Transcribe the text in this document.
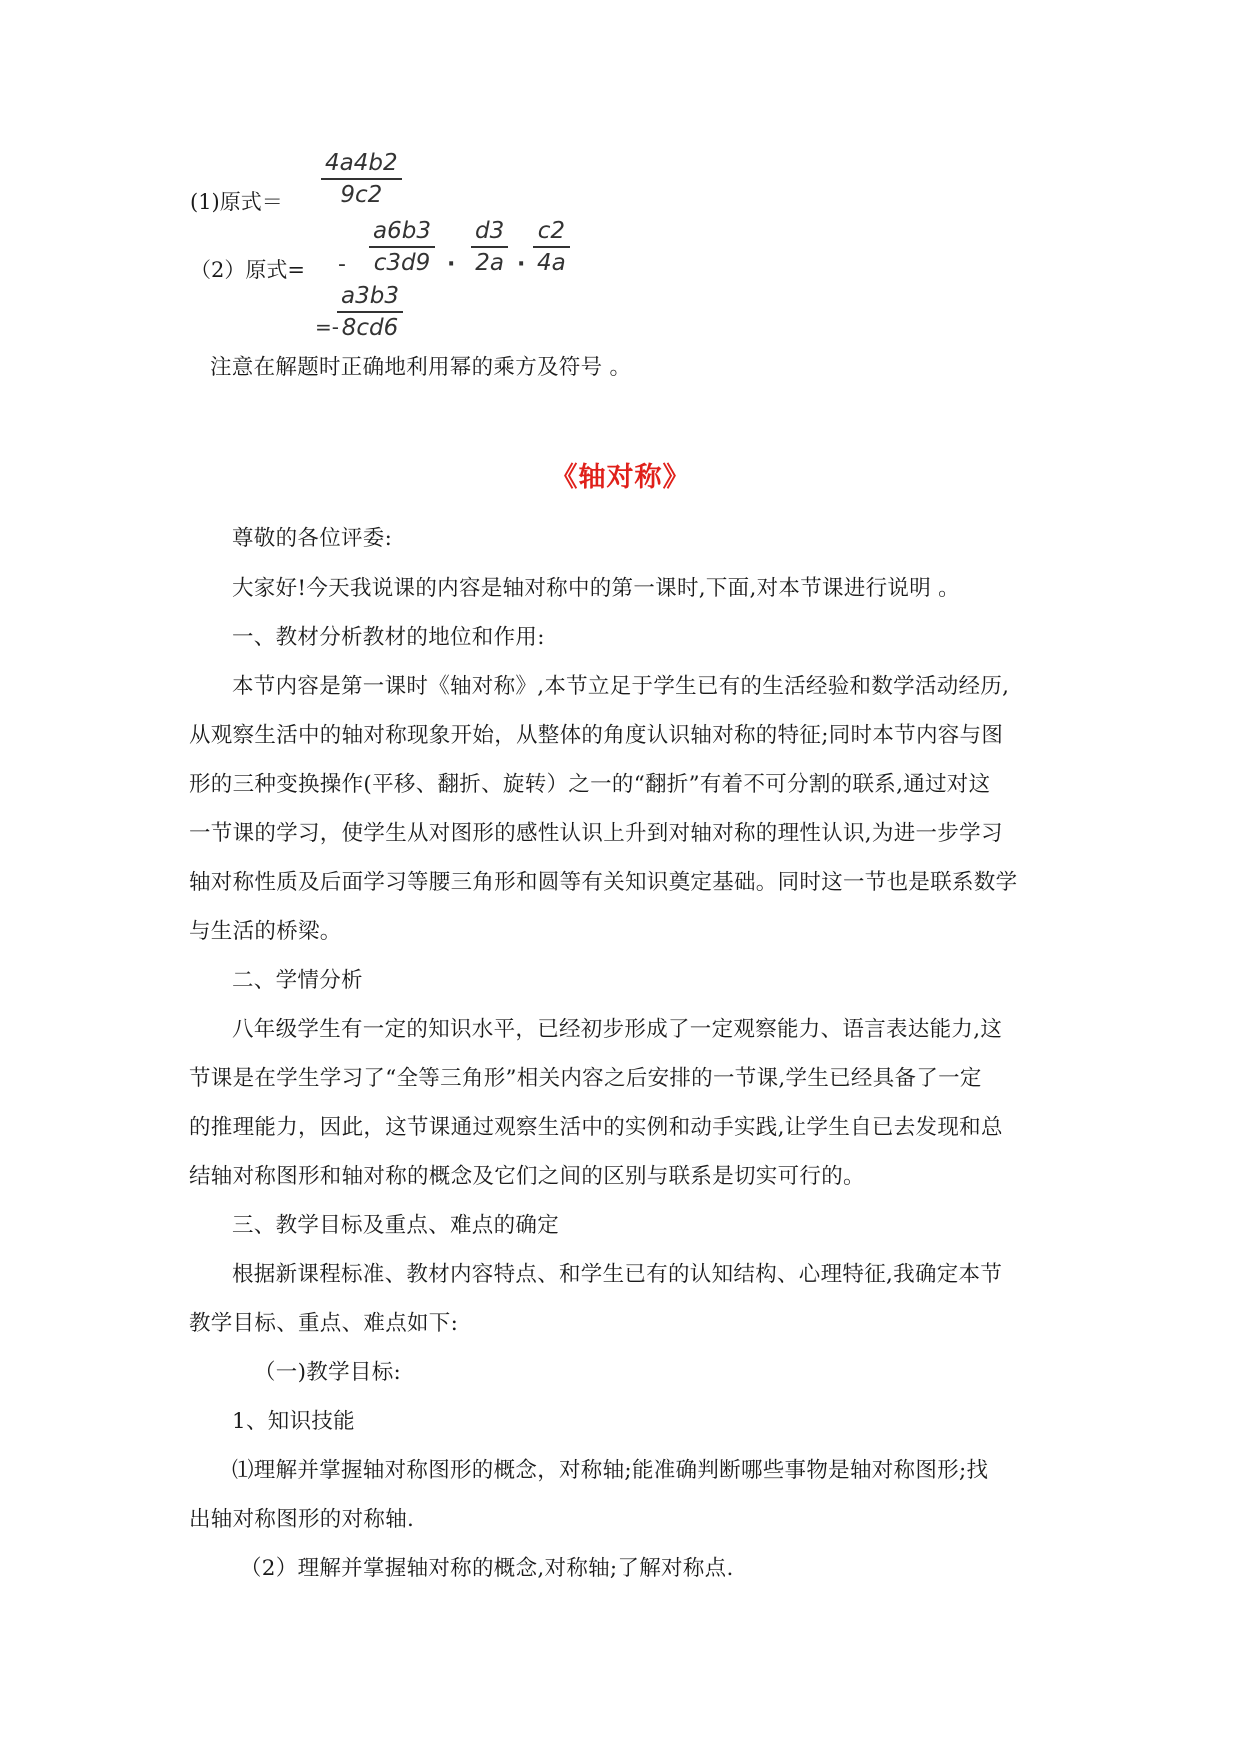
(1)原式＝
4a4b2
9c2
（2）原式= -
a6b3
c3d9 ·
d3
2a ·
c2
4a
=-
a3b3
8cd6
注意在解题时正确地利用幂的乘方及符号 。
《轴对称》
尊敬的各位评委:
大家好!今天我说课的内容是轴对称中的第一课时,下面,对本节课进行说明 。
一、教材分析教材的地位和作用:
本节内容是第一课时《轴对称》,本节立足于学生已有的生活经验和数学活动经历,
从观察生活中的轴对称现象开始，从整体的角度认识轴对称的特征;同时本节内容与图
形的三种变换操作(平移、翻折、旋转）之一的“翻折”有着不可分割的联系,通过对这
一节课的学习，使学生从对图形的感性认识上升到对轴对称的理性认识,为进一步学习
轴对称性质及后面学习等腰三角形和圆等有关知识奠定基础。同时这一节也是联系数学
与生活的桥梁。
二、学情分析
八年级学生有一定的知识水平，已经初步形成了一定观察能力、语言表达能力,这
节课是在学生学习了“全等三角形”相关内容之后安排的一节课,学生已经具备了一定
的推理能力，因此，这节课通过观察生活中的实例和动手实践,让学生自已去发现和总
结轴对称图形和轴对称的概念及它们之间的区别与联系是切实可行的。
三、教学目标及重点、难点的确定
根据新课程标准、教材内容特点、和学生已有的认知结构、心理特征,我确定本节
教学目标、重点、难点如下:
（一)教学目标:
1、知识技能
⑴理解并掌握轴对称图形的概念，对称轴;能准确判断哪些事物是轴对称图形;找
出轴对称图形的对称轴.
（2）理解并掌握轴对称的概念,对称轴;了解对称点.
